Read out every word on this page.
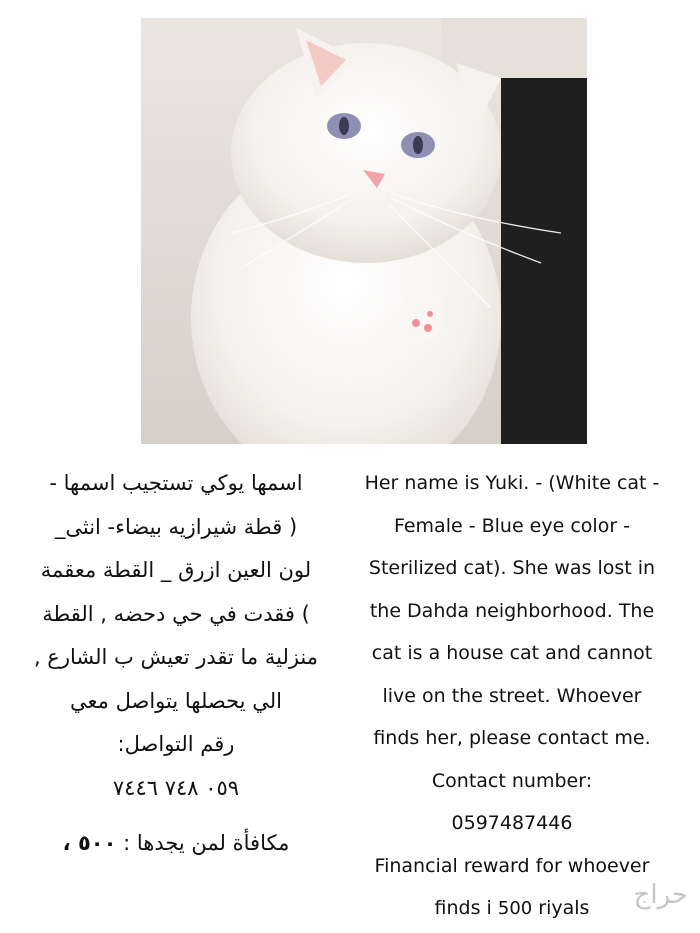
اسمها يوكي تستجيب اسمها -
( قطة شيرازيه بيضاء- انثى_
لون العين ازرق _ القطة معقمة
) فقدت في حي دحضه , القطة
منزلية ما تقدر تعيش ب الشارع ,
الي يحصلها يتواصل معي
رقم التواصل:
٠٥٩ ٧٤٨ ٧٤٤٦
مكافأة لمن يجدها : ٥٠٠ ،
Her name is Yuki. - (White cat -
Female - Blue eye color -
Sterilized cat). She was lost in
the Dahda neighborhood. The
cat is a house cat and cannot
live on the street. Whoever
finds her, please contact me.
Contact number:
0597487446
Financial reward for whoever
finds i 500 riyals	حراج
